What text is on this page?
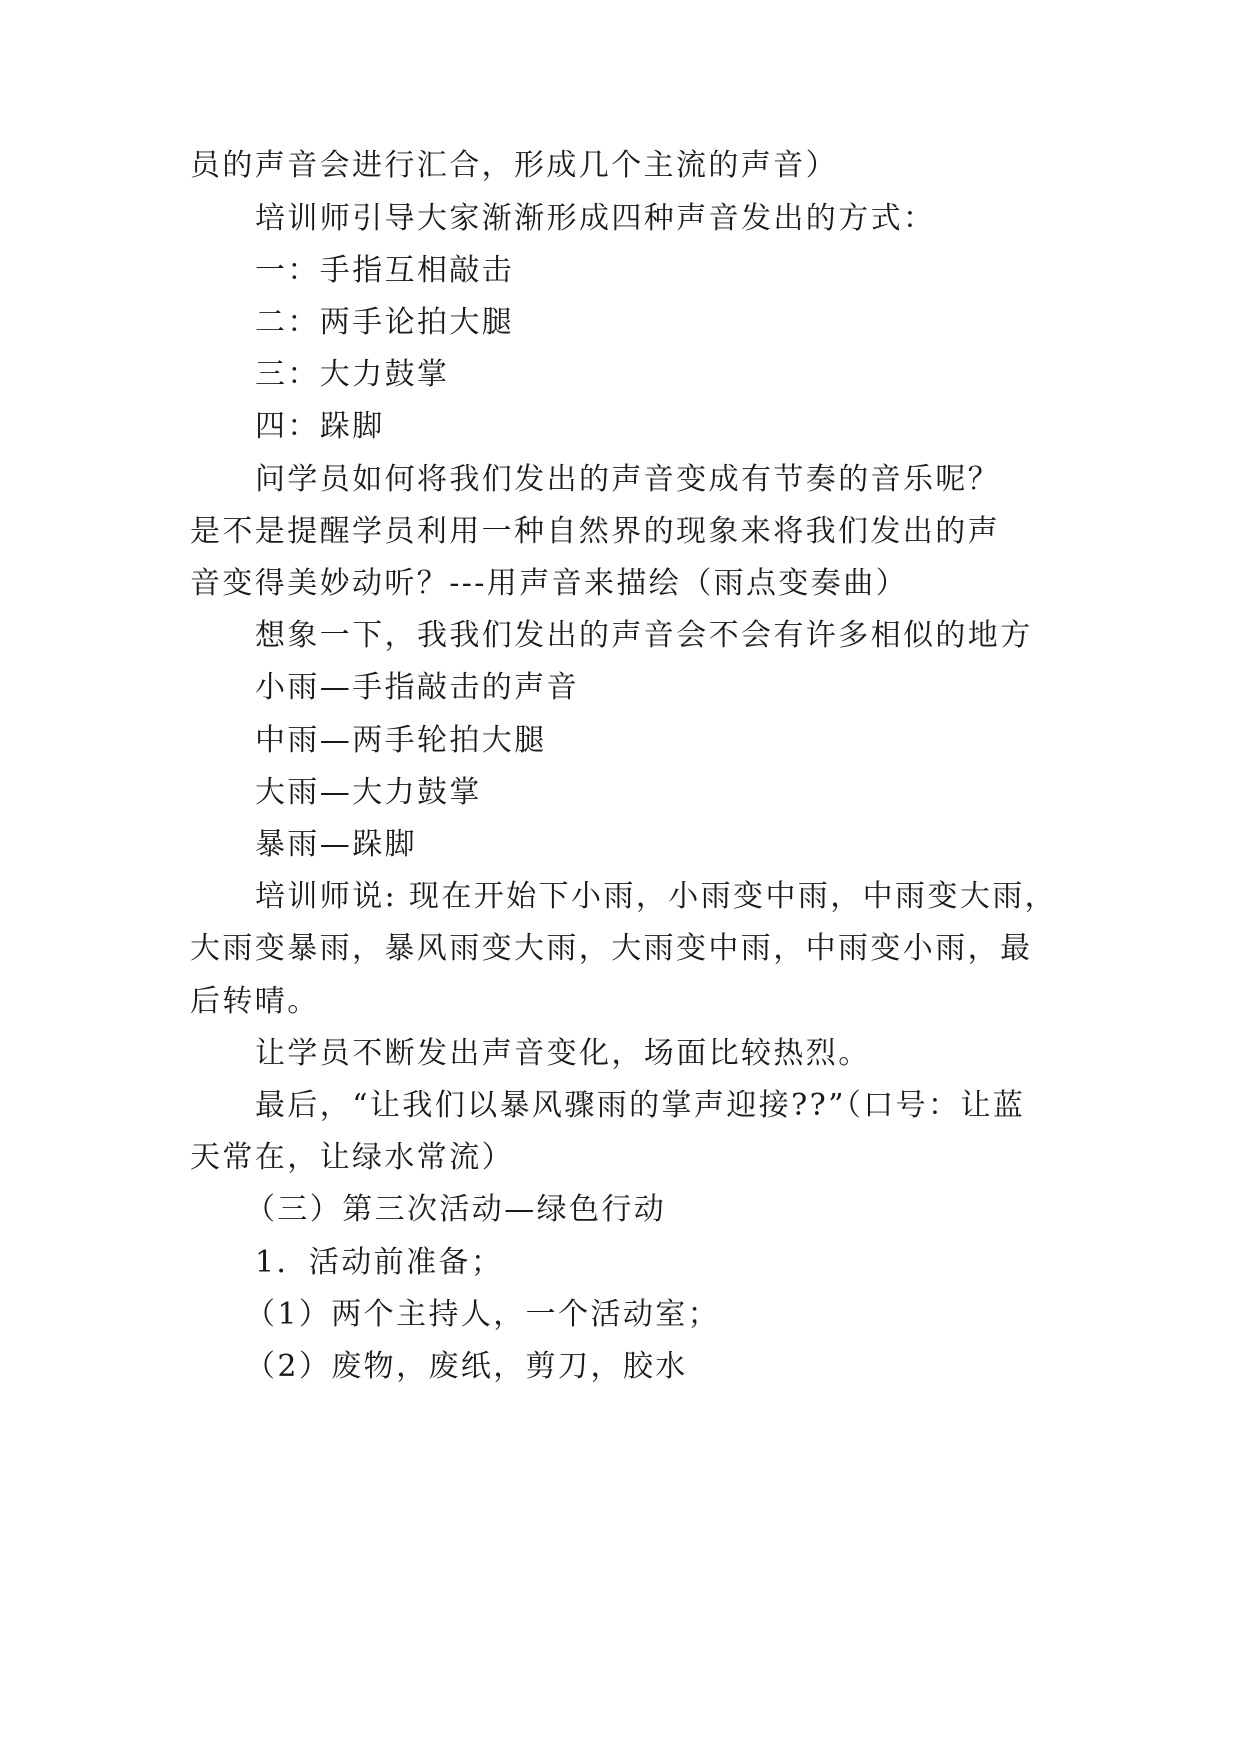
员的声音会进行汇合，形成几个主流的声音）
培训师引导大家渐渐形成四种声音发出的方式：
一：手指互相敲击
二：两手论拍大腿
三：大力鼓掌
四：跺脚
问学员如何将我们发出的声音变成有节奏的音乐呢？
是不是提醒学员利用一种自然界的现象来将我们发出的声
音变得美妙动听？---用声音来描绘（雨点变奏曲）
想象一下，我我们发出的声音会不会有许多相似的地方
小雨—手指敲击的声音
中雨—两手轮拍大腿
大雨—大力鼓掌
暴雨—跺脚
培训师说: 现在开始下小雨，小雨变中雨，中雨变大雨，
大雨变暴雨，暴风雨变大雨，大雨变中雨，中雨变小雨，最
后转晴。
让学员不断发出声音变化，场面比较热烈。
最后，“让我们以暴风骤雨的掌声迎接??”（口号：让蓝
天常在，让绿水常流）
（三）第三次活动—绿色行动
1．活动前准备；
（1）两个主持人，一个活动室；
（2）废物，废纸，剪刀，胶水
